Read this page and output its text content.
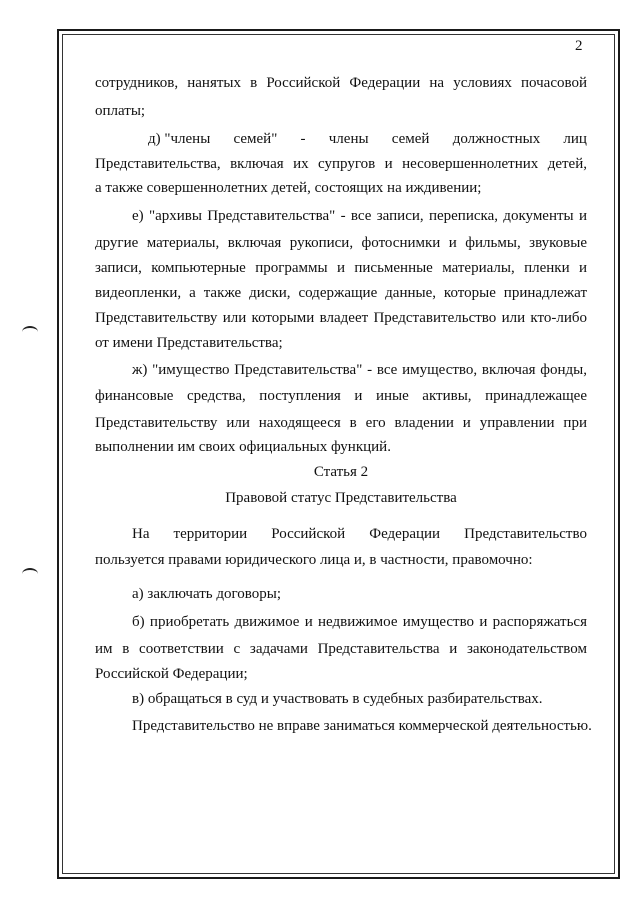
2
сотрудников, нанятых в Российской Федерации на условиях почасовой
оплаты;
д) "члены семей" - члены семей должностных лиц
Представительства, включая их супругов и несовершеннолетних детей,
а также совершеннолетних детей, состоящих на иждивении;
е) "архивы Представительства" - все записи, переписка, документы и
другие материалы, включая рукописи, фотоснимки и фильмы, звуковые
записи, компьютерные программы и письменные материалы, пленки и
видеопленки, а также диски, содержащие данные, которые принадлежат
Представительству или которыми владеет Представительство или кто-либо
от имени Представительства;
ж) "имущество Представительства" - все имущество, включая фонды,
финансовые средства, поступления и иные активы, принадлежащее
Представительству или находящееся в его владении и управлении при
выполнении им своих официальных функций.
Статья 2
Правовой статус Представительства
На территории Российской Федерации Представительство
пользуется правами юридического лица и, в частности, правомочно:
а) заключать договоры;
б) приобретать движимое и недвижимое имущество и распоряжаться
им в соответствии с задачами Представительства и законодательством
Российской Федерации;
в) обращаться в суд и участвовать в судебных разбирательствах.
Представительство не вправе заниматься коммерческой деятельностью.
